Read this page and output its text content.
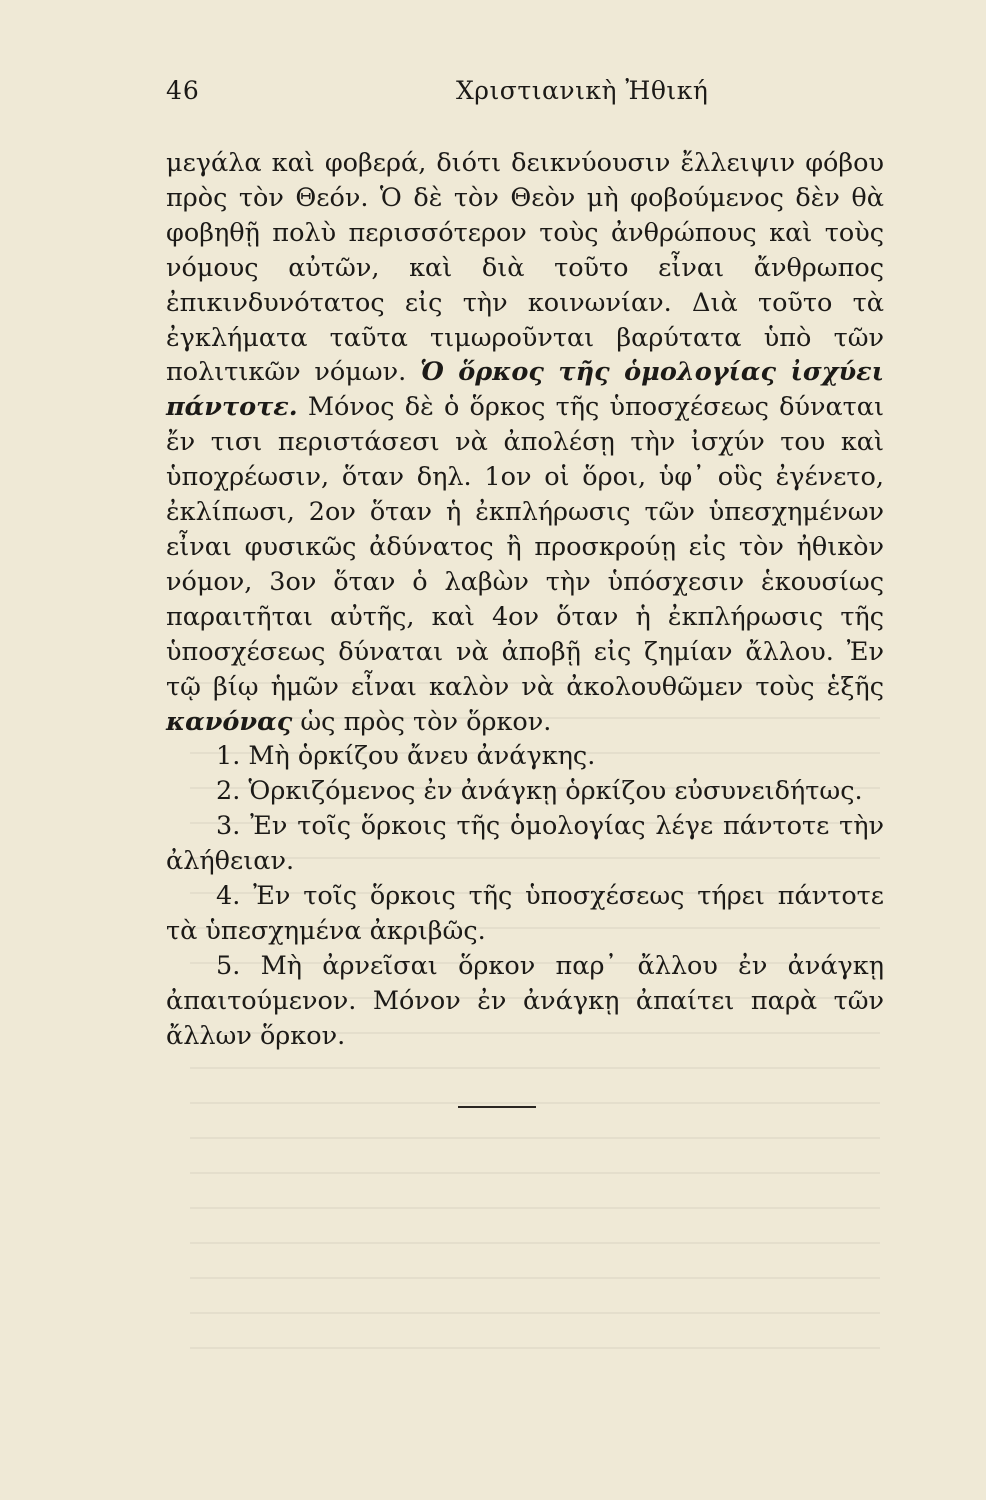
46	Χριστιανικὴ Ἠθική

μεγάλα καὶ φοβερά, διότι δεικνύουσιν ἔλλειψιν φόβου πρὸς τὸν Θεόν. Ὁ δὲ τὸν Θεὸν μὴ φοβούμενος δὲν θὰ φοβηθῇ πολὺ περισσότερον τοὺς ἀνθρώπους καὶ τοὺς νόμους αὐτῶν, καὶ διὰ τοῦτο εἶναι ἄνθρωπος ἐπικινδυνότατος εἰς τὴν κοινωνίαν. Διὰ τοῦτο τὰ ἐγκλήματα ταῦτα τιμωροῦνται βαρύτατα ὑπὸ τῶν πολιτικῶν νόμων. Ὁ ὅρκος τῆς ὁμολογίας ἰσχύει πάντοτε. Μόνος δὲ ὁ ὅρκος τῆς ὑποσχέσεως δύναται ἔν τισι περιστάσεσι νὰ ἀπολέσῃ τὴν ἰσχύν του καὶ ὑποχρέωσιν, ὅταν δηλ. 1ον οἱ ὅροι, ὑφ᾽ οὓς ἐγένετο, ἐκλίπωσι, 2ον ὅταν ἡ ἐκπλήρωσις τῶν ὑπεσχημένων εἶναι φυσικῶς ἀδύνατος ἢ προσκρούῃ εἰς τὸν ἠθικὸν νόμον, 3ον ὅταν ὁ λαβὼν τὴν ὑπόσχεσιν ἑκουσίως παραιτῆται αὐτῆς, καὶ 4ον ὅταν ἡ ἐκπλήρωσις τῆς ὑποσχέσεως δύναται νὰ ἀποβῇ εἰς ζημίαν ἄλλου. Ἐν τῷ βίῳ ἡμῶν εἶναι καλὸν νὰ ἀκολουθῶμεν τοὺς ἑξῆς κανόνας ὡς πρὸς τὸν ὅρκον.

1. Μὴ ὁρκίζου ἄνευ ἀνάγκης.

2. Ὁρκιζόμενος ἐν ἀνάγκῃ ὁρκίζου εὐσυνειδήτως.

3. Ἐν τοῖς ὅρκοις τῆς ὁμολογίας λέγε πάντοτε τὴν ἀλήθειαν.

4. Ἐν τοῖς ὅρκοις τῆς ὑποσχέσεως τήρει πάντοτε τὰ ὑπεσχημένα ἀκριβῶς.

5. Μὴ ἀρνεῖσαι ὅρκον παρ᾽ ἄλλου ἐν ἀνάγκῃ ἀπαιτούμενον. Μόνον ἐν ἀνάγκῃ ἀπαίτει παρὰ τῶν ἄλλων ὅρκον.
